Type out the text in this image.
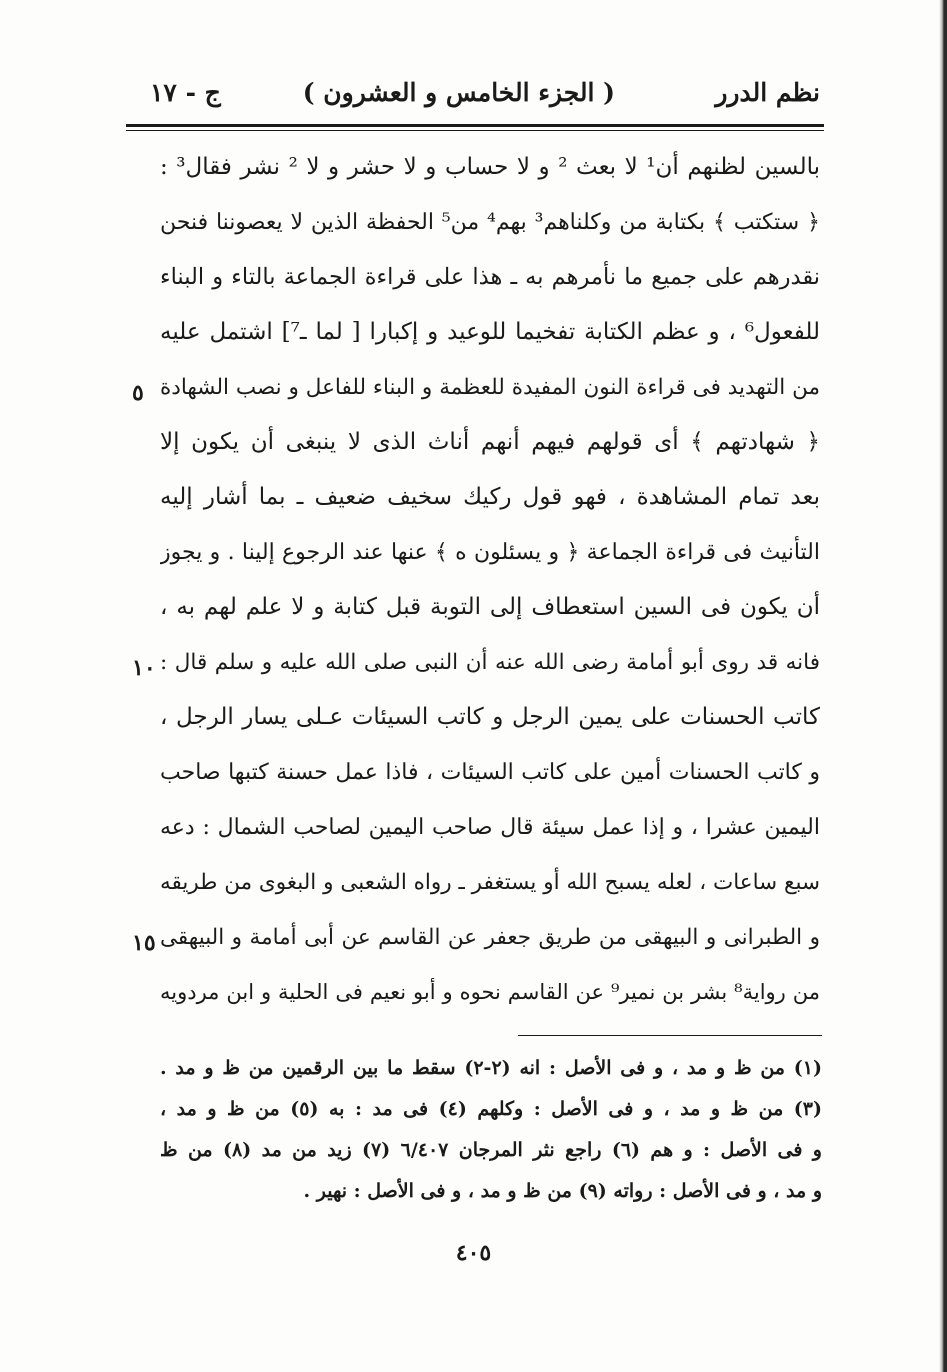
نظم الدرر
( الجزء الخامس و العشرون )
ج - ١٧
بالسين لظنهم أن¹ لا بعث ² و لا حساب و لا حشر و لا ² نشر فقال³ :
﴿ ستكتب ﴾ بكتابة من وكلناهم³ بهم⁴ من⁵ الحفظة الذين لا يعصوننا فنحن
نقدرهم على جميع ما نأمرهم به ـ هذا على قراءة الجماعة بالتاء و البناء
للفعول⁶ ، و عظم الكتابة تفخيما للوعيد و إكبارا [ لما ـ⁷] اشتمل عليه
من التهديد فى قراءة النون المفيدة للعظمة و البناء للفاعل و نصب الشهادة
﴿ شهادتهم ﴾ أى قولهم فيهم أنهم أناث الذى لا ينبغى أن يكون إلا
بعد تمام المشاهدة ، فهو قول ركيك سخيف ضعيف ـ بما أشار إليه
التأنيث فى قراءة الجماعة ﴿ و يسئلون ه ﴾ عنها عند الرجوع إلينا . و يجوز
أن يكون فى السين استعطاف إلى التوبة قبل كتابة و لا علم لهم به ،
فانه قد روى أبو أمامة رضى الله عنه أن النبى صلى الله عليه و سلم قال :
كاتب الحسنات على يمين الرجل و كاتب السيئات عـلى يسار الرجل ،
و كاتب الحسنات أمين على كاتب السيئات ، فاذا عمل حسنة كتبها صاحب
اليمين عشرا ، و إذا عمل سيئة قال صاحب اليمين لصاحب الشمال : دعه
سبع ساعات ، لعله يسبح الله أو يستغفر ـ رواه الشعبى و البغوى من طريقه
و الطبرانى و البيهقى من طريق جعفر عن القاسم عن أبى أمامة و البيهقى
من رواية⁸ بشر بن نمير⁹ عن القاسم نحوه و أبو نعيم فى الحلية و ابن مردويه
٥
١٠
١٥
(١) من ظ و مد ، و فى الأصل : انه (٢-٢) سقط ما بين الرقمين من ظ و مد .
(٣) من ظ و مد ، و فى الأصل : وكلهم (٤) فى مد : به (٥) من ظ و مد ،
و فى الأصل : و هم (٦) راجع نثر المرجان ٦/٤٠٧ (٧) زيد من مد (٨) من ظ
و مد ، و فى الأصل : رواته (٩) من ظ و مد ، و فى الأصل : نهير .
٤٠٥
